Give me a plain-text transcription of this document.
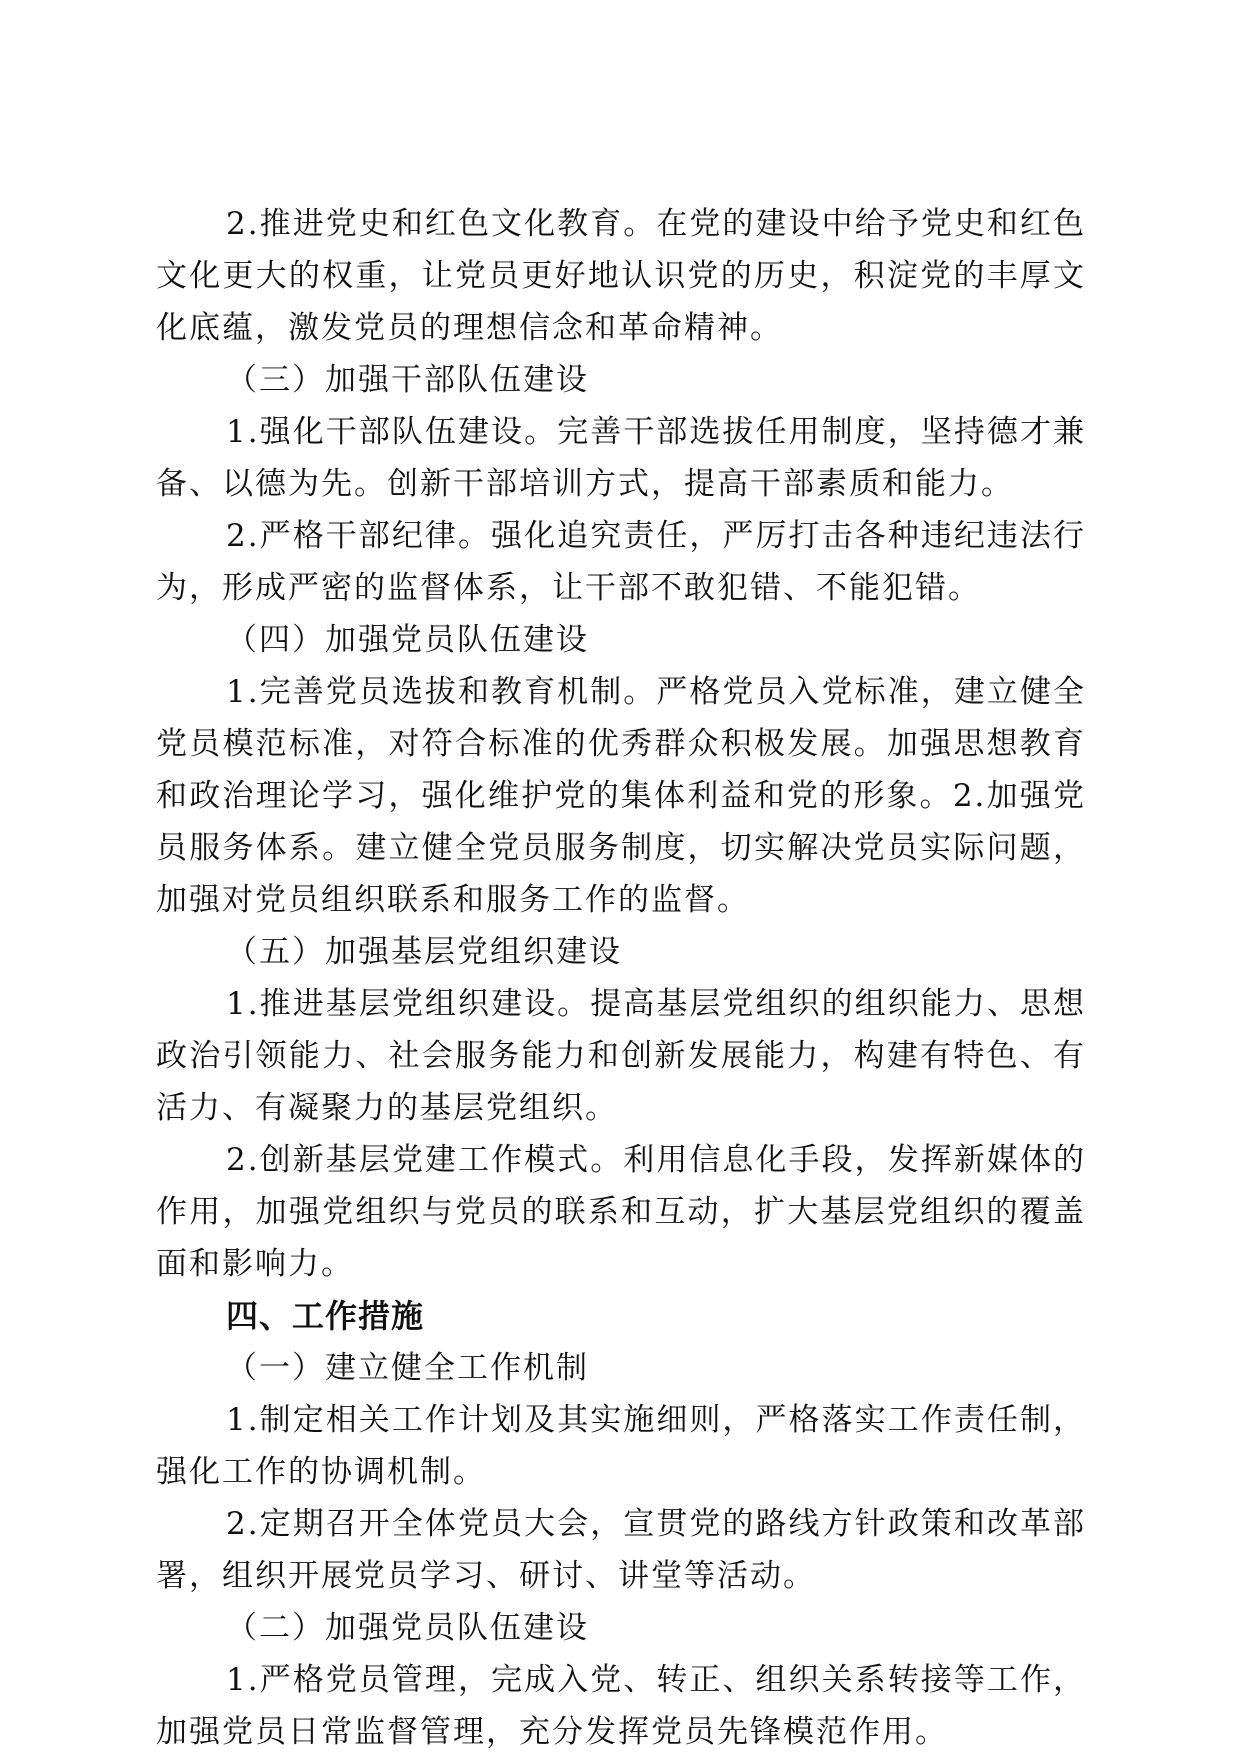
2.推进党史和红色文化教育。在党的建设中给予党史和红色文化更大的权重，让党员更好地认识党的历史，积淀党的丰厚文化底蕴，激发党员的理想信念和革命精神。

（三）加强干部队伍建设

1.强化干部队伍建设。完善干部选拔任用制度，坚持德才兼备、以德为先。创新干部培训方式，提高干部素质和能力。

2.严格干部纪律。强化追究责任，严厉打击各种违纪违法行为，形成严密的监督体系，让干部不敢犯错、不能犯错。

（四）加强党员队伍建设

1.完善党员选拔和教育机制。严格党员入党标准，建立健全党员模范标准，对符合标准的优秀群众积极发展。加强思想教育和政治理论学习，强化维护党的集体利益和党的形象。2.加强党员服务体系。建立健全党员服务制度，切实解决党员实际问题，加强对党员组织联系和服务工作的监督。

（五）加强基层党组织建设

1.推进基层党组织建设。提高基层党组织的组织能力、思想政治引领能力、社会服务能力和创新发展能力，构建有特色、有活力、有凝聚力的基层党组织。

2.创新基层党建工作模式。利用信息化手段，发挥新媒体的作用，加强党组织与党员的联系和互动，扩大基层党组织的覆盖面和影响力。

四、工作措施

（一）建立健全工作机制

1.制定相关工作计划及其实施细则，严格落实工作责任制，强化工作的协调机制。

2.定期召开全体党员大会，宣贯党的路线方针政策和改革部署，组织开展党员学习、研讨、讲堂等活动。

（二）加强党员队伍建设

1.严格党员管理，完成入党、转正、组织关系转接等工作，加强党员日常监督管理，充分发挥党员先锋模范作用。
